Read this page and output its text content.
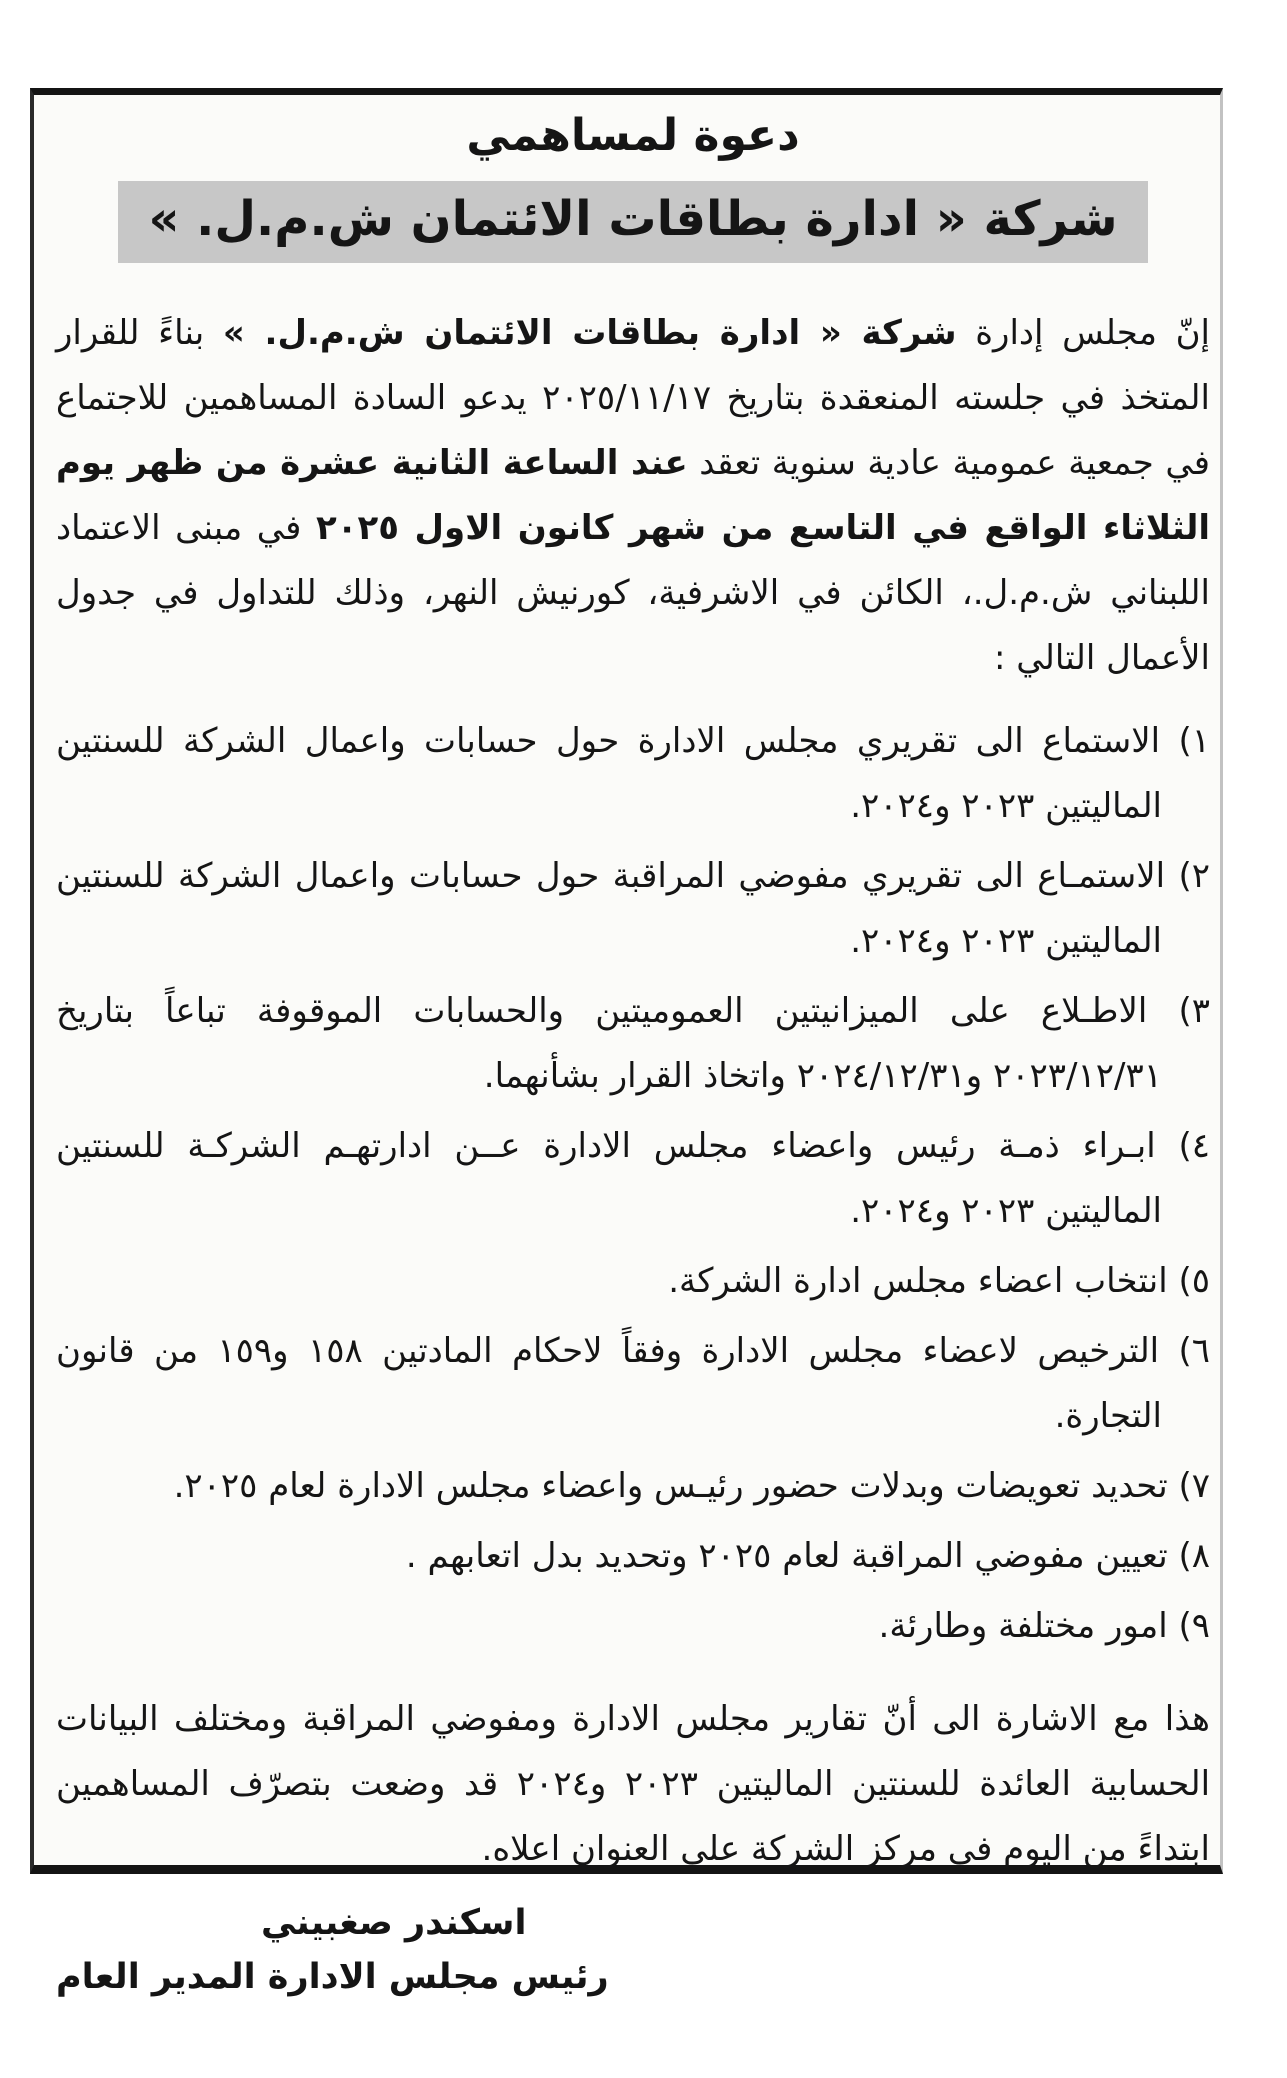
دعوة لمساهمي
شركة « ادارة بطاقات الائتمان ش.م.ل. »

إنّ مجلس إدارة شركة « ادارة بطاقات الائتمان ش.م.ل. » بناءً للقرار المتخذ في جلسته المنعقدة بتاريخ ٢٠٢٥/١١/١٧ يدعو السادة المساهمين للاجتماع في جمعية عمومية عادية سنوية تعقد عند الساعة الثانية عشرة من ظهر يوم الثلاثاء الواقع في التاسع من شهر كانون الاول ٢٠٢٥ في مبنى الاعتماد اللبناني ش.م.ل.، الكائن في الاشرفية، كورنيش النهر، وذلك للتداول في جدول الأعمال التالي :

١) الاستماع الى تقريري مجلس الادارة حول حسابات واعمال الشركة للسنتين الماليتين ٢٠٢٣ و٢٠٢٤.
٢) الاستمـاع الى تقريري مفوضي المراقبة حول حسابات واعمال الشركة للسنتين الماليتين ٢٠٢٣ و٢٠٢٤.
٣) الاطـلاع على الميزانيتين العموميتين والحسابات الموقوفة تباعاً بتاريخ ٢٠٢٣/١٢/٣١ و٢٠٢٤/١٢/٣١ واتخاذ القرار بشأنهما.
٤) ابـراء ذمـة رئيس واعضاء مجلس الادارة عــن ادارتهـم الشركـة للسنتين الماليتين ٢٠٢٣ و٢٠٢٤.
٥) انتخاب اعضاء مجلس ادارة الشركة.
٦) الترخيص لاعضاء مجلس الادارة وفقاً لاحكام المادتين ١٥٨ و١٥٩ من قانون التجارة.
٧) تحديد تعويضات وبدلات حضور رئيـس واعضاء مجلس الادارة لعام ٢٠٢٥.
٨) تعيين مفوضي المراقبة لعام ٢٠٢٥ وتحديد بدل اتعابهم .
٩) امور مختلفة وطارئة.

هذا مع الاشارة الى أنّ تقارير مجلس الادارة ومفوضي المراقبة ومختلف البيانات الحسابية العائدة للسنتين الماليتين ٢٠٢٣ و٢٠٢٤ قد وضعت بتصرّف المساهمين ابتداءً من اليوم في مركز الشركة على العنوان اعلاه.

اسكندر صغبيني
رئيس مجلس الادارة المدير العام
